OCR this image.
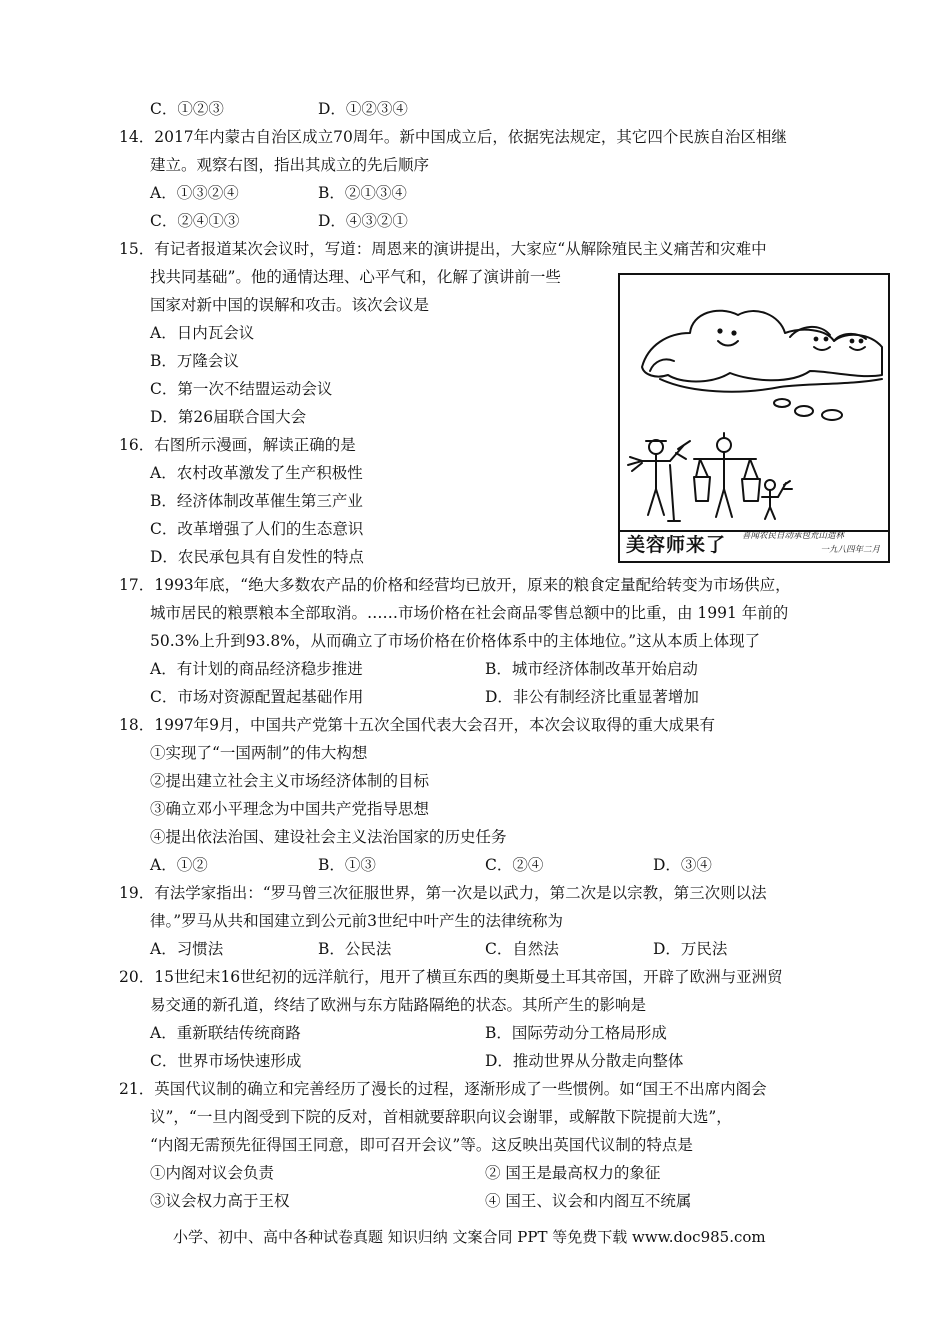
C．①②③	D．①②③④
14．2017年内蒙古自治区成立70周年。新中国成立后，依据宪法规定，其它四个民族自治区相继
建立。观察右图，指出其成立的先后顺序
A．①③②④	B．②①③④
C．②④①③	D．④③②①
15．有记者报道某次会议时，写道：周恩来的演讲提出，大家应“从解除殖民主义痛苦和灾难中
找共同基础”。他的通情达理、心平气和，化解了演讲前一些
国家对新中国的误解和攻击。该次会议是
A．日内瓦会议
B．万隆会议
C．第一次不结盟运动会议
D．第26届联合国大会
16．右图所示漫画，解读正确的是
A．农村改革激发了生产积极性
B．经济体制改革催生第三产业
C．改革增强了人们的生态意识
D．农民承包具有自发性的特点
美容师来了 喜闻农民自动承包荒山造林
一九八四年二月
17．1993年底，“绝大多数农产品的价格和经营均已放开，原来的粮食定量配给转变为市场供应，
城市居民的粮票粮本全部取消。……市场价格在社会商品零售总额中的比重，由 1991 年前的
50.3%上升到93.8%，从而确立了市场价格在价格体系中的主体地位。”这从本质上体现了
A．有计划的商品经济稳步推进	B．城市经济体制改革开始启动
C．市场对资源配置起基础作用	D．非公有制经济比重显著增加
18．1997年9月，中国共产党第十五次全国代表大会召开，本次会议取得的重大成果有
①实现了“一国两制”的伟大构想
②提出建立社会主义市场经济体制的目标
③确立邓小平理念为中国共产党指导思想
④提出依法治国、建设社会主义法治国家的历史任务
A．①②	B．①③	C．②④	D．③④
19．有法学家指出：“罗马曾三次征服世界，第一次是以武力，第二次是以宗教，第三次则以法
律。”罗马从共和国建立到公元前3世纪中叶产生的法律统称为
A．习惯法	B．公民法	C．自然法	D．万民法
20．15世纪末16世纪初的远洋航行，甩开了横亘东西的奥斯曼土耳其帝国，开辟了欧洲与亚洲贸
易交通的新孔道，终结了欧洲与东方陆路隔绝的状态。其所产生的影响是
A．重新联结传统商路	B．国际劳动分工格局形成
C．世界市场快速形成	D．推动世界从分散走向整体
21．英国代议制的确立和完善经历了漫长的过程，逐渐形成了一些惯例。如“国王不出席内阁会
议”，“一旦内阁受到下院的反对，首相就要辞职向议会谢罪，或解散下院提前大选”，
“内阁无需预先征得国王同意，即可召开会议”等。这反映出英国代议制的特点是
①内阁对议会负责	② 国王是最高权力的象征
③议会权力高于王权	④ 国王、议会和内阁互不统属
小学、初中、高中各种试卷真题 知识归纳 文案合同 PPT 等免费下载 www.doc985.com
